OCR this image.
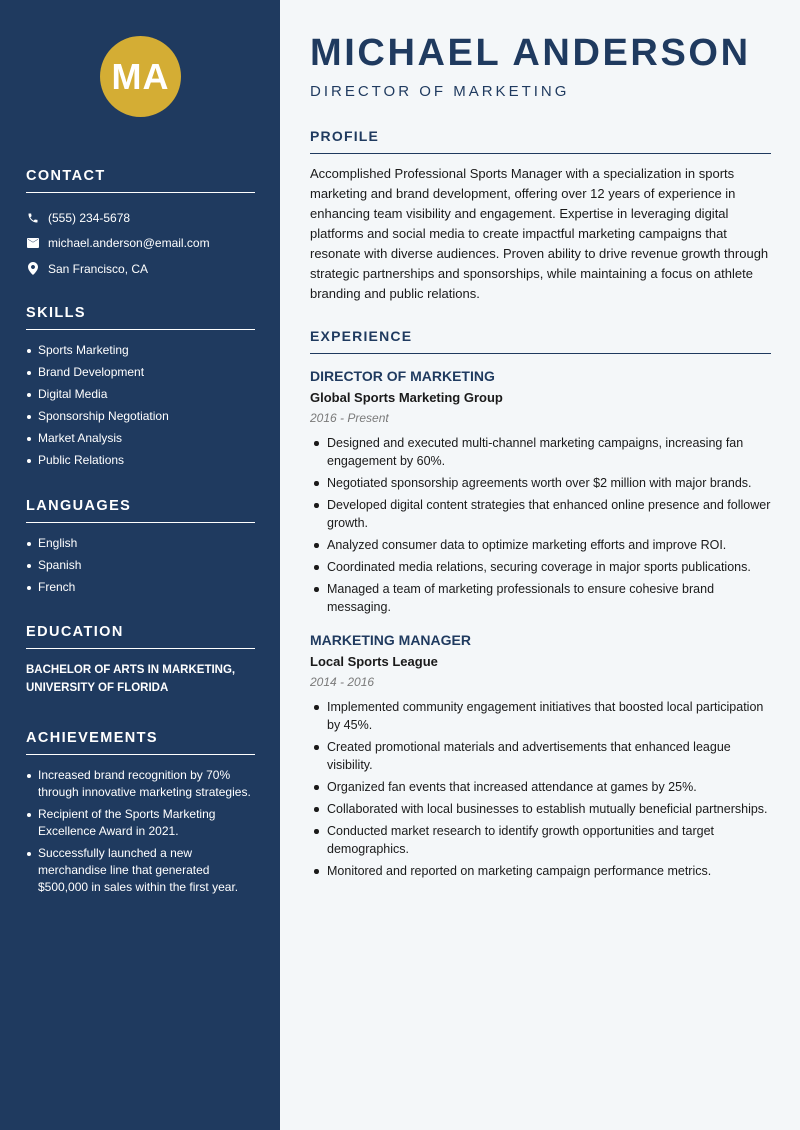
MA
CONTACT
(555) 234-5678
michael.anderson@email.com
San Francisco, CA
SKILLS
Sports Marketing
Brand Development
Digital Media
Sponsorship Negotiation
Market Analysis
Public Relations
LANGUAGES
English
Spanish
French
EDUCATION
BACHELOR OF ARTS IN MARKETING, UNIVERSITY OF FLORIDA
ACHIEVEMENTS
Increased brand recognition by 70% through innovative marketing strategies.
Recipient of the Sports Marketing Excellence Award in 2021.
Successfully launched a new merchandise line that generated $500,000 in sales within the first year.
MICHAEL ANDERSON
DIRECTOR OF MARKETING
PROFILE
Accomplished Professional Sports Manager with a specialization in sports marketing and brand development, offering over 12 years of experience in enhancing team visibility and engagement. Expertise in leveraging digital platforms and social media to create impactful marketing campaigns that resonate with diverse audiences. Proven ability to drive revenue growth through strategic partnerships and sponsorships, while maintaining a focus on athlete branding and public relations.
EXPERIENCE
DIRECTOR OF MARKETING
Global Sports Marketing Group
2016 - Present
Designed and executed multi-channel marketing campaigns, increasing fan engagement by 60%.
Negotiated sponsorship agreements worth over $2 million with major brands.
Developed digital content strategies that enhanced online presence and follower growth.
Analyzed consumer data to optimize marketing efforts and improve ROI.
Coordinated media relations, securing coverage in major sports publications.
Managed a team of marketing professionals to ensure cohesive brand messaging.
MARKETING MANAGER
Local Sports League
2014 - 2016
Implemented community engagement initiatives that boosted local participation by 45%.
Created promotional materials and advertisements that enhanced league visibility.
Organized fan events that increased attendance at games by 25%.
Collaborated with local businesses to establish mutually beneficial partnerships.
Conducted market research to identify growth opportunities and target demographics.
Monitored and reported on marketing campaign performance metrics.
